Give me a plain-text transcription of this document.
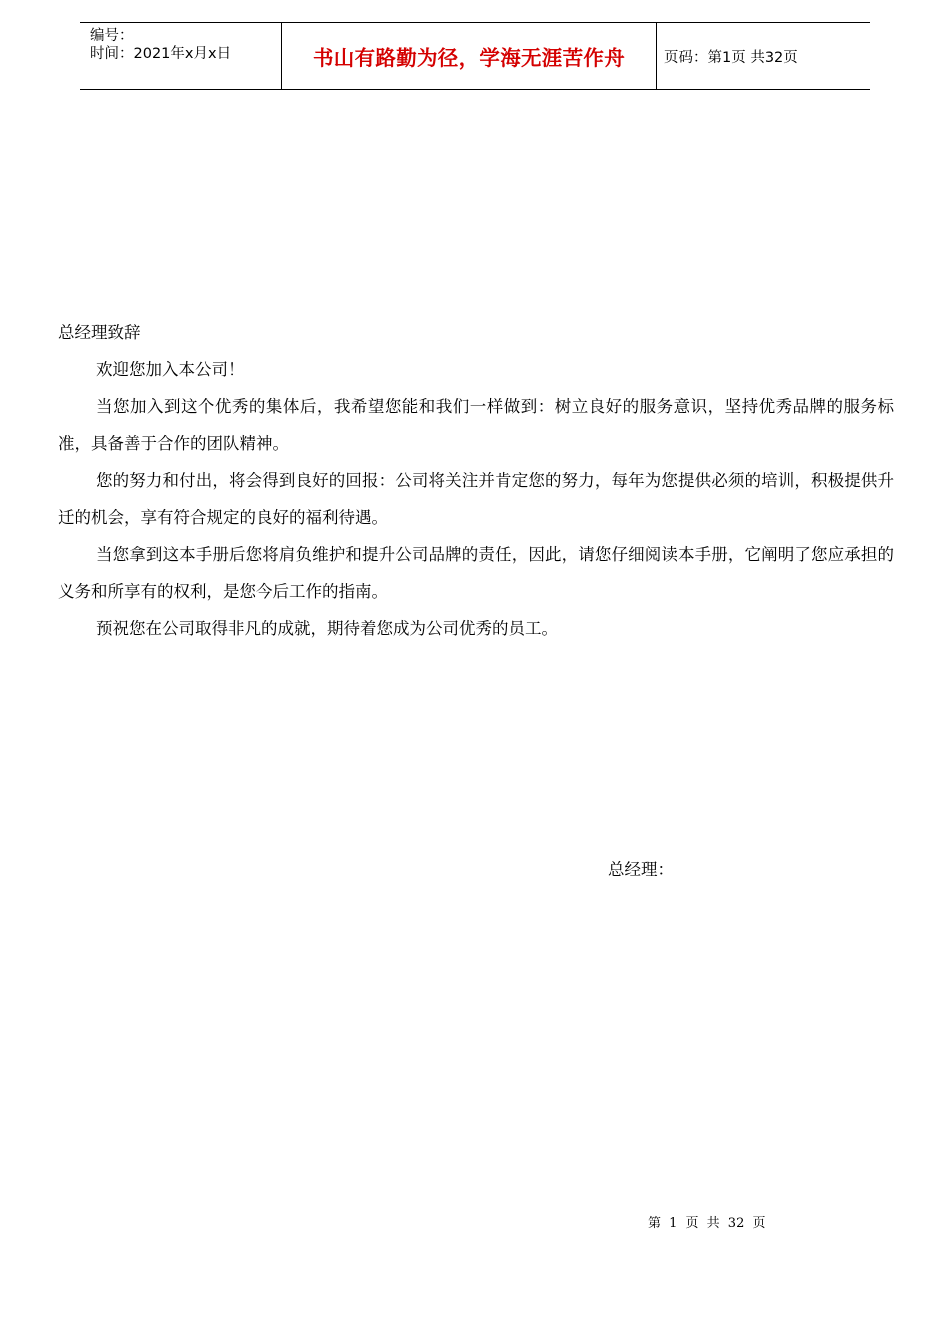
编号：
时间：2021年x月x日	书山有路勤为径，学海无涯苦作舟	页码：第1页 共32页

总经理致辞

欢迎您加入本公司！

当您加入到这个优秀的集体后，我希望您能和我们一样做到：树立良好的服务意识，坚持优秀品牌的服务标准，具备善于合作的团队精神。

您的努力和付出，将会得到良好的回报：公司将关注并肯定您的努力，每年为您提供必须的培训，积极提供升迁的机会，享有符合规定的良好的福利待遇。

当您拿到这本手册后您将肩负维护和提升公司品牌的责任，因此，请您仔细阅读本手册，它阐明了您应承担的义务和所享有的权利，是您今后工作的指南。

预祝您在公司取得非凡的成就，期待着您成为公司优秀的员工。

总经理：
第 1 页 共 32 页
